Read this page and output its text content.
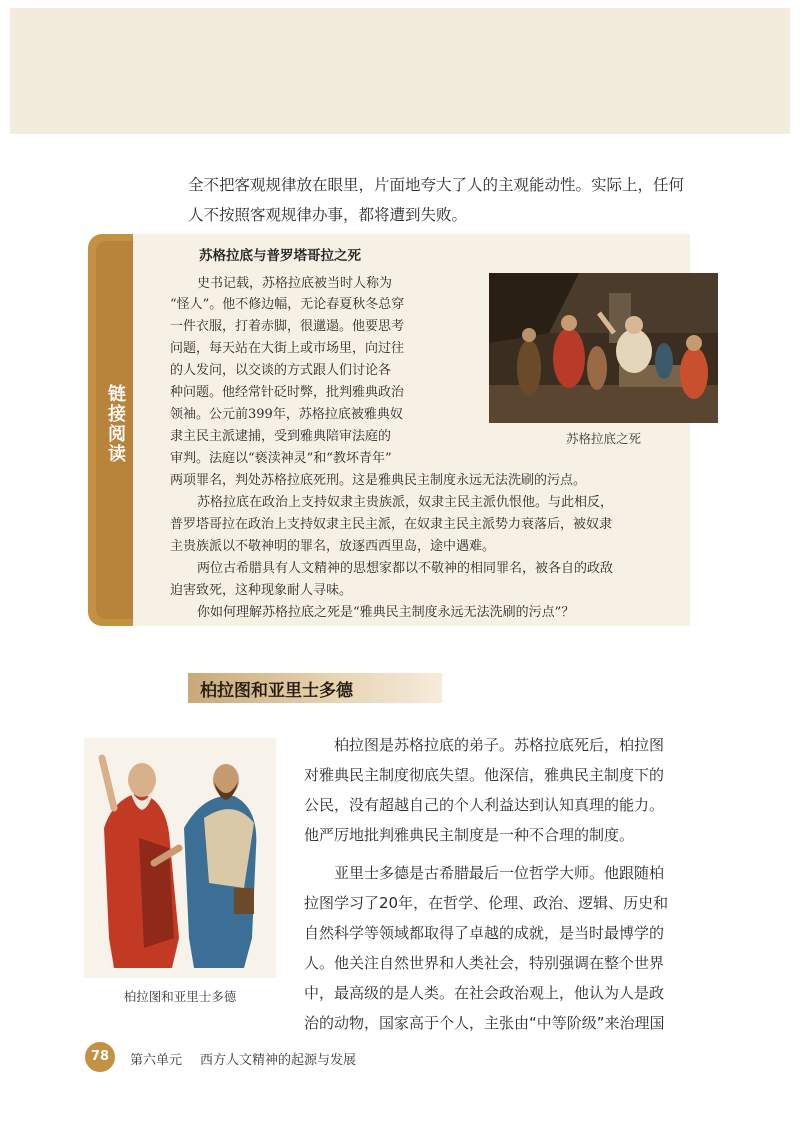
全不把客观规律放在眼里，片面地夸大了人的主观能动性。实际上，任何

人不按照客观规律办事，都将遭到失败。

链接阅读
苏格拉底与普罗塔哥拉之死
史书记载，苏格拉底被当时人称为
“怪人”。他不修边幅，无论春夏秋冬总穿
一件衣服，打着赤脚，很邋遢。他要思考
问题，每天站在大街上或市场里，向过往
的人发问，以交谈的方式跟人们讨论各
种问题。他经常针砭时弊，批判雅典政治
领袖。公元前399年，苏格拉底被雅典奴
隶主民主派逮捕，受到雅典陪审法庭的
审判。法庭以“亵渎神灵”和“教坏青年”
两项罪名，判处苏格拉底死刑。这是雅典民主制度永远无法洗刷的污点。
苏格拉底在政治上支持奴隶主贵族派，奴隶主民主派仇恨他。与此相反，
普罗塔哥拉在政治上支持奴隶主民主派，在奴隶主民主派势力衰落后，被奴隶
主贵族派以不敬神明的罪名，放逐西西里岛，途中遇难。
两位古希腊具有人文精神的思想家都以不敬神的相同罪名，被各自的政敌
迫害致死，这种现象耐人寻味。
你如何理解苏格拉底之死是“雅典民主制度永远无法洗刷的污点”？
苏格拉底之死
柏拉图和亚里士多德
柏拉图和亚里士多德
柏拉图是苏格拉底的弟子。苏格拉底死后，柏拉图
对雅典民主制度彻底失望。他深信，雅典民主制度下的
公民，没有超越自己的个人利益达到认知真理的能力。
他严厉地批判雅典民主制度是一种不合理的制度。
亚里士多德是古希腊最后一位哲学大师。他跟随柏
拉图学习了20年，在哲学、伦理、政治、逻辑、历史和
自然科学等领域都取得了卓越的成就，是当时最博学的
人。他关注自然世界和人类社会，特别强调在整个世界
中，最高级的是人类。在社会政治观上，他认为人是政
治的动物，国家高于个人，主张由“中等阶级”来治理国
78	第六单元 西方人文精神的起源与发展
